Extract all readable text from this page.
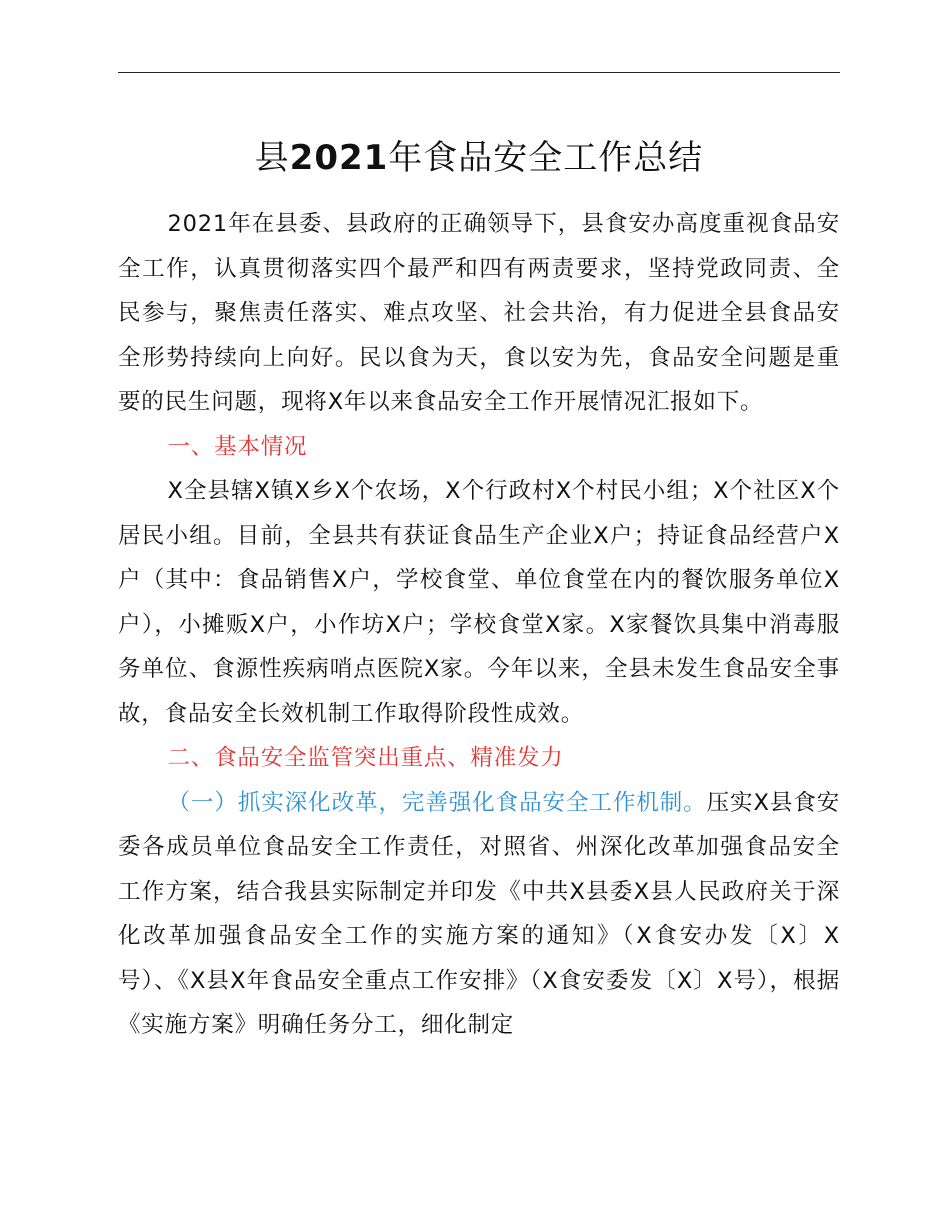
县2021年食品安全工作总结

2021年在县委、县政府的正确领导下，县食安办高度重视食品安全工作，认真贯彻落实四个最严和四有两责要求，坚持党政同责、全民参与，聚焦责任落实、难点攻坚、社会共治，有力促进全县食品安全形势持续向上向好。民以食为天，食以安为先，食品安全问题是重要的民生问题，现将X年以来食品安全工作开展情况汇报如下。

一、基本情况

X全县辖X镇X乡X个农场，X个行政村X个村民小组；X个社区X个居民小组。目前，全县共有获证食品生产企业X户；持证食品经营户X户（其中：食品销售X户，学校食堂、单位食堂在内的餐饮服务单位X户），小摊贩X户，小作坊X户；学校食堂X家。X家餐饮具集中消毒服务单位、食源性疾病哨点医院X家。今年以来，全县未发生食品安全事故，食品安全长效机制工作取得阶段性成效。

二、食品安全监管突出重点、精准发力

（一）抓实深化改革，完善强化食品安全工作机制。压实X县食安委各成员单位食品安全工作责任，对照省、州深化改革加强食品安全工作方案，结合我县实际制定并印发《中共X县委X县人民政府关于深化改革加强食品安全工作的实施方案的通知》（X食安办发〔X〕X号）、《X县X年食品安全重点工作安排》（X食安委发〔X〕X号），根据《实施方案》明确任务分工，细化制定
